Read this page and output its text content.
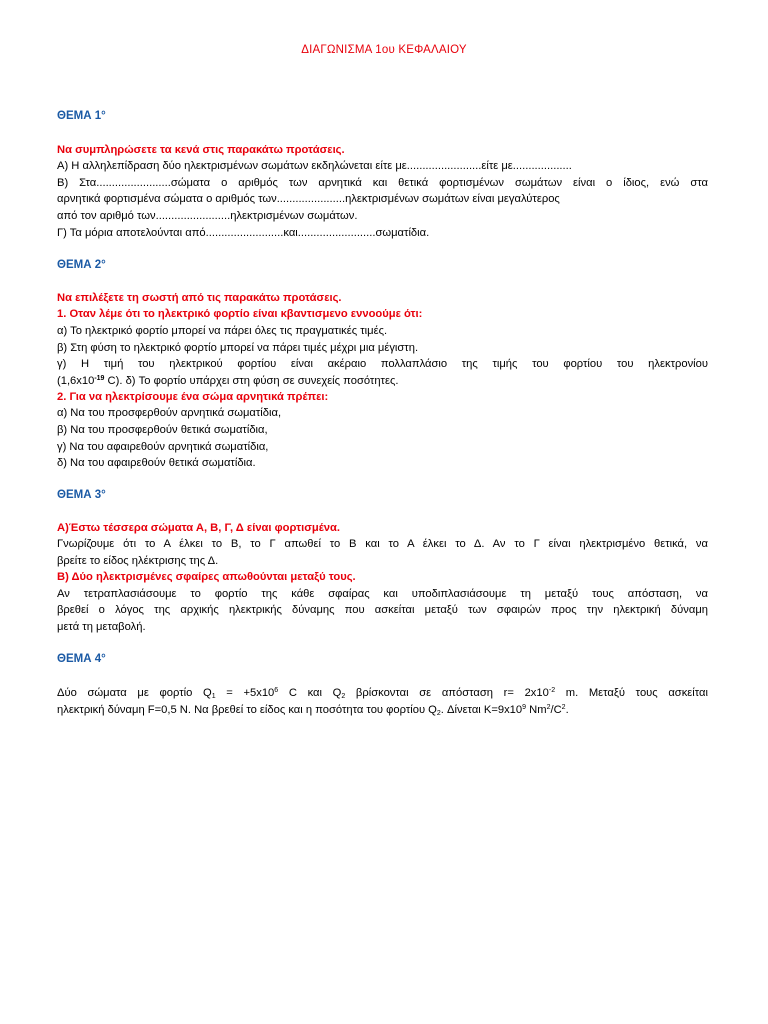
ΔΙΑΓΩΝΙΣΜΑ 1ου ΚΕΦΑΛΑΙΟΥ
ΘΕΜΑ 1°
Να συμπληρώσετε τα κενά στις παρακάτω προτάσεις.
Α) Η αλληλεπίδραση δύο ηλεκτρισμένων σωμάτων εκδηλώνεται είτε με........................είτε με...................
Β) Στα........................σώματα ο αριθμός των αρνητικά και θετικά φορτισμένων σωμάτων είναι ο ίδιος, ενώ στα
αρνητικά φορτισμένα σώματα ο αριθμός των......................ηλεκτρισμένων σωμάτων είναι μεγαλύτερος
από τον αριθμό των........................ηλεκτρισμένων σωμάτων.
Γ) Τα μόρια αποτελούνται από.........................και.........................σωματίδια.
ΘΕΜΑ 2°
Να επιλέξετε τη σωστή από τις παρακάτω προτάσεις.
1. Οταν λέμε ότι το ηλεκτρικό φορτίο είναι κβαντισμενο εννοούμε ότι:
α) Το ηλεκτρικό φορτίο μπορεί να πάρει όλες τις πραγματικές τιμές.
β) Στη φύση το ηλεκτρικό φορτίο μπορεί να πάρει τιμές μέχρι μια μέγιστη.
γ) Η τιμή του ηλεκτρικού φορτίου είναι ακέραιο πολλαπλάσιο της τιμής του φορτίου του ηλεκτρονίου
($1,6x10^{-19}$ C). δ) Το φορτίο υπάρχει στη φύση σε συνεχείς ποσότητες.
2. Για να ηλεκτρίσουμε ένα σώμα αρνητικά πρέπει:
α) Να του προσφερθούν αρνητικά σωματίδια,
β) Να του προσφερθούν θετικά σωματίδια,
γ) Να του αφαιρεθούν αρνητικά σωματίδια,
δ) Να του αφαιρεθούν θετικά σωματίδια.
ΘΕΜΑ 3°
Α)Έστω τέσσερα σώματα Α, Β, Γ, Δ είναι φορτισμένα.
Γνωρίζουμε ότι το Α έλκει το Β, το Γ απωθεί το Β και το Α έλκει το Δ. Αν το Γ είναι ηλεκτρισμένο θετικά, να
βρείτε το είδος ηλέκτρισης της Δ.
Β) Δύο ηλεκτρισμένες σφαίρες απωθούνται μεταξύ τους.
Αν τετραπλασιάσουμε το φορτίο της κάθε σφαίρας και υποδιπλασιάσουμε τη μεταξύ τους απόσταση, να
βρεθεί ο λόγος της αρχικής ηλεκτρικής δύναμης που ασκείται μεταξύ των σφαιρών προς την ηλεκτρική δύναμη
μετά τη μεταβολή.
ΘΕΜΑ 4°
Δύο σώματα με φορτίο $Q_1 = +5x10^6$ C και $Q_2$ βρίσκονται σε απόσταση $r= 2x10^{-2}$ m. Μεταξύ τους ασκείται
ηλεκτρική δύναμη F=0,5 N. Να βρεθεί το είδος και η ποσότητα του φορτίου $Q_2$. Δίνεται $K=9x10^9$ $Nm^2/C^2$.
